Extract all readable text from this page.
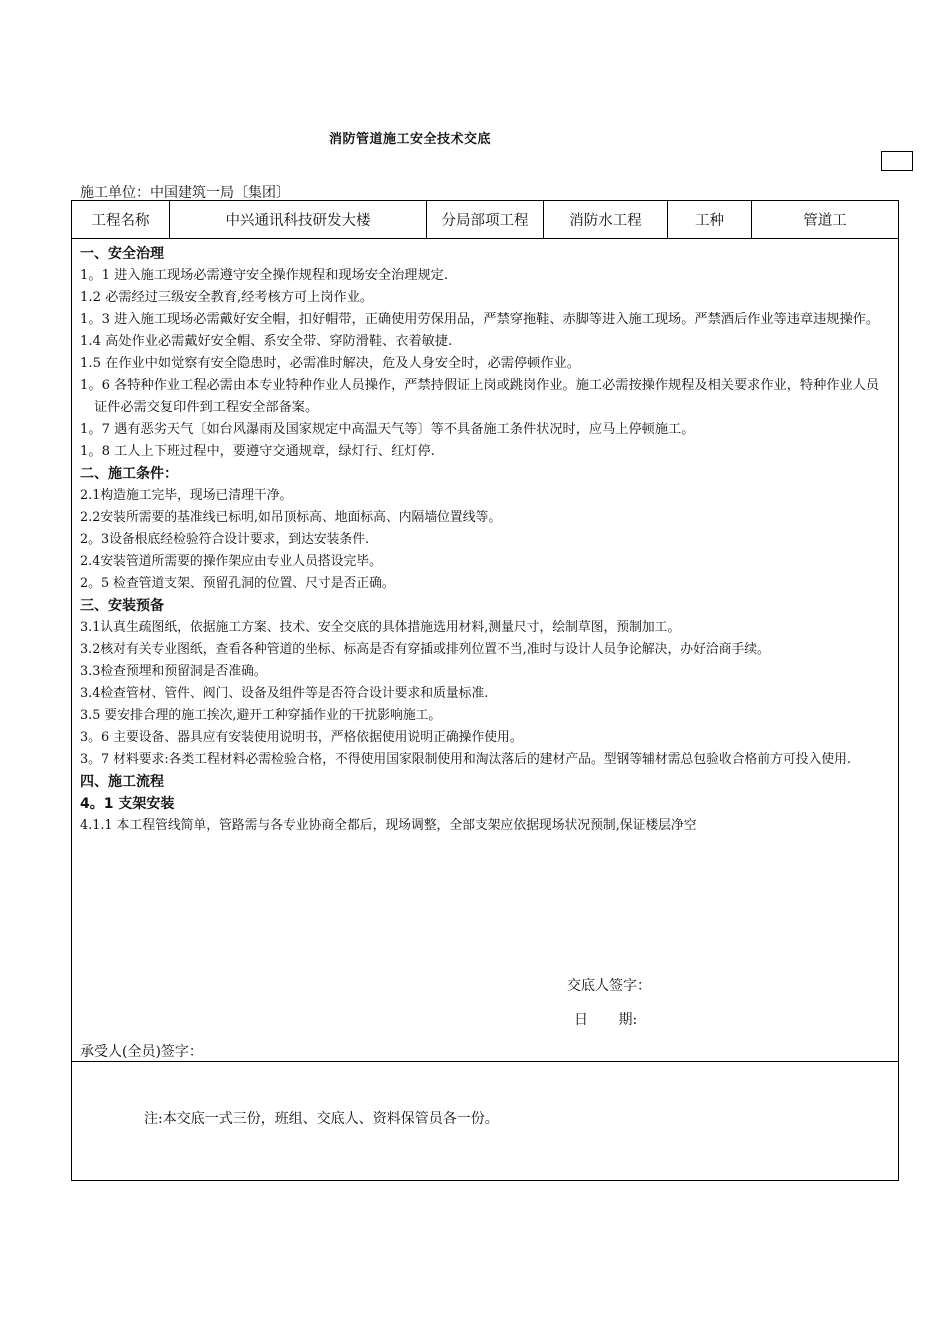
消防管道施工安全技术交底
施工单位：中国建筑一局〔集团〕
工程名称	中兴通讯科技研发大楼	分局部项工程	消防水工程	工种	管道工
一、安全治理
1。1 进入施工现场必需遵守安全操作规程和现场安全治理规定.
1.2 必需经过三级安全教育,经考核方可上岗作业。
1。3 进入施工现场必需戴好安全帽，扣好帽带，正确使用劳保用品，严禁穿拖鞋、赤脚等进入施工现场。严禁酒后作业等违章违规操作。
1.4 高处作业必需戴好安全帽、系安全带、穿防滑鞋、衣着敏捷.
1.5 在作业中如觉察有安全隐患时，必需准时解决，危及人身安全时，必需停顿作业。
1。6 各特种作业工程必需由本专业特种作业人员操作，严禁持假证上岗或跳岗作业。施工必需按操作规程及相关要求作业，特种作业人员证件必需交复印件到工程安全部备案。
1。7 遇有恶劣天气〔如台风瀑雨及国家规定中高温天气等〕等不具备施工条件状况时，应马上停顿施工。
1。8 工人上下班过程中，要遵守交通规章，绿灯行、红灯停.
二、施工条件：
2.1构造施工完毕，现场已清理干净。
2.2安装所需要的基准线已标明,如吊顶标高、地面标高、内隔墙位置线等。
2。3设备根底经检验符合设计要求，到达安装条件.
2.4安装管道所需要的操作架应由专业人员搭设完毕。
2。5 检查管道支架、预留孔洞的位置、尺寸是否正确。
三、安装预备
3.1认真生疏图纸，依据施工方案、技术、安全交底的具体措施选用材料,测量尺寸，绘制草图，预制加工。
3.2核对有关专业图纸，查看各种管道的坐标、标高是否有穿插或排列位置不当,准时与设计人员争论解决，办好洽商手续。
3.3检查预埋和预留洞是否准确。
3.4检查管材、管件、阀门、设备及组件等是否符合设计要求和质量标准.
3.5 要安排合理的施工挨次,避开工种穿插作业的干扰影响施工。
3。6 主要设备、器具应有安装使用说明书，严格依据使用说明正确操作使用。
3。7 材料要求:各类工程材料必需检验合格，不得使用国家限制使用和淘汰落后的建材产品。型钢等辅材需总包验收合格前方可投入使用.
四、施工流程
4。1 支架安装
4.1.1 本工程管线简单，管路需与各专业协商全都后，现场调整，全部支架应依据现场状况预制,保证楼层净空
交底人签字：
日 期:
承受人(全员)签字：
注:本交底一式三份，班组、交底人、资料保管员各一份。
